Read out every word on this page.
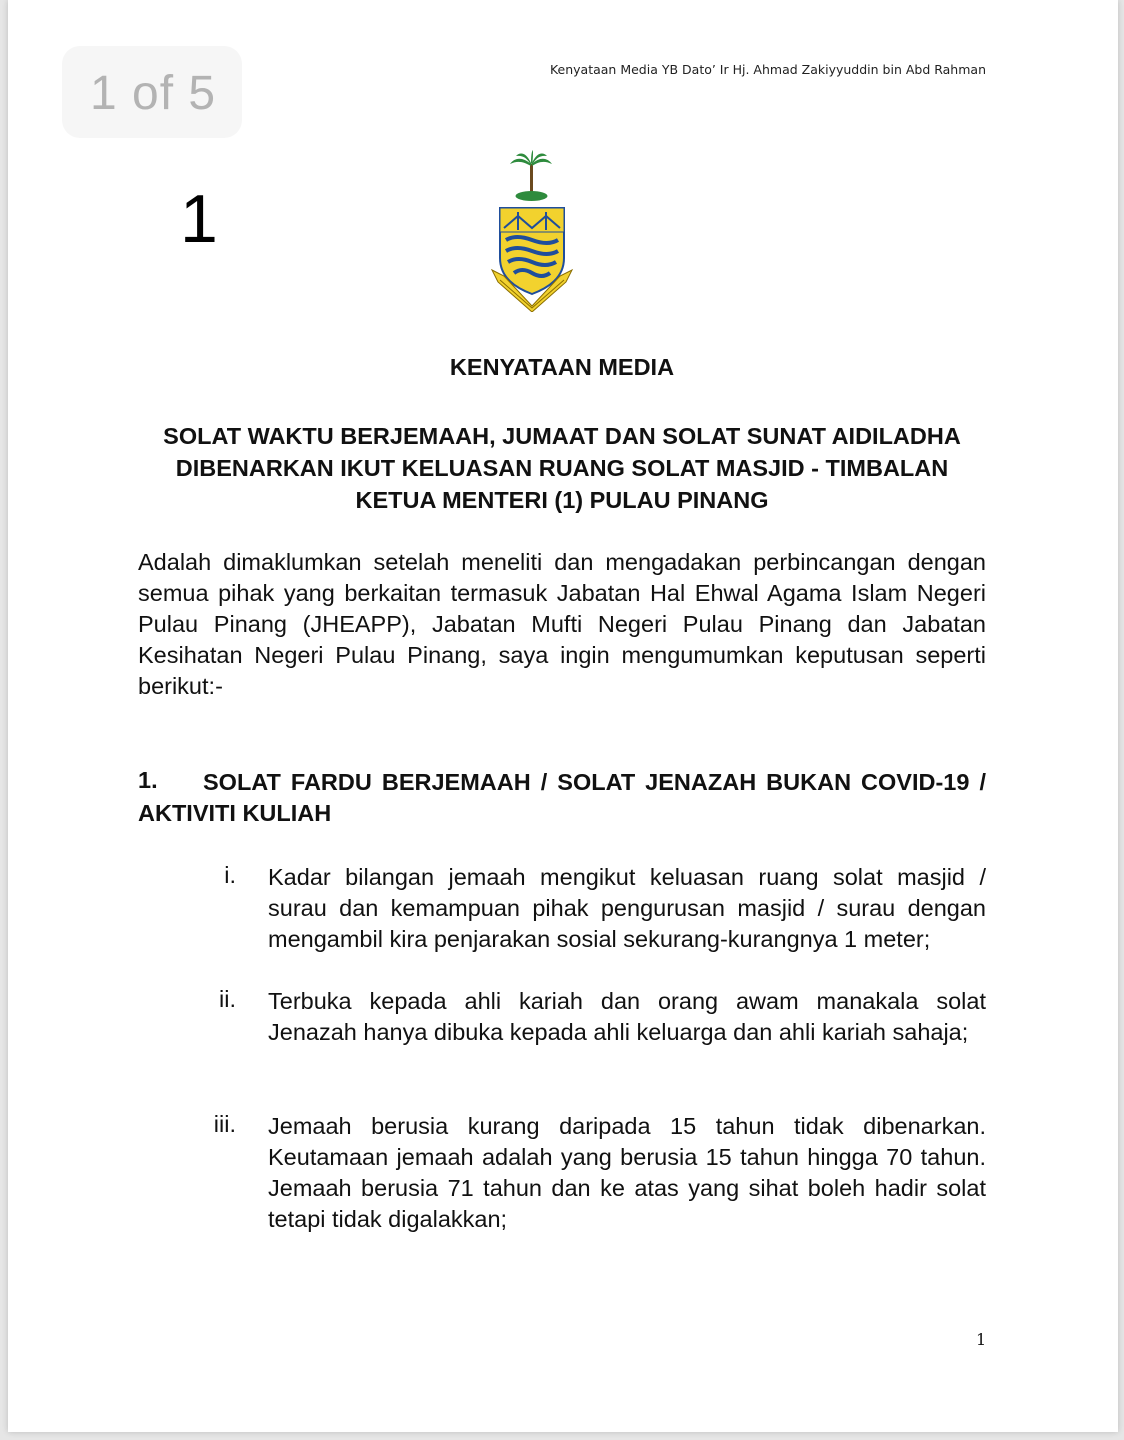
1 of 5
1
Kenyataan Media YB Dato’ Ir Hj. Ahmad Zakiyyuddin bin Abd Rahman
KENYATAAN MEDIA
SOLAT WAKTU BERJEMAAH, JUMAAT DAN SOLAT SUNAT AIDILADHA DIBENARKAN IKUT KELUASAN RUANG SOLAT MASJID - TIMBALAN KETUA MENTERI (1) PULAU PINANG
Adalah dimaklumkan setelah meneliti dan mengadakan perbincangan dengan semua pihak yang berkaitan termasuk Jabatan Hal Ehwal Agama Islam Negeri Pulau Pinang (JHEAPP), Jabatan Mufti Negeri Pulau Pinang dan Jabatan Kesihatan Negeri Pulau Pinang, saya ingin mengumumkan keputusan seperti berikut:-
1.	SOLAT FARDU BERJEMAAH / SOLAT JENAZAH BUKAN COVID-19 / AKTIVITI KULIAH
i. Kadar bilangan jemaah mengikut keluasan ruang solat masjid / surau dan kemampuan pihak pengurusan masjid / surau dengan mengambil kira penjarakan sosial sekurang-kurangnya 1 meter;
ii. Terbuka kepada ahli kariah dan orang awam manakala solat Jenazah hanya dibuka kepada ahli keluarga dan ahli kariah sahaja;
iii. Jemaah berusia kurang daripada 15 tahun tidak dibenarkan. Keutamaan jemaah adalah yang berusia 15 tahun hingga 70 tahun. Jemaah berusia 71 tahun dan ke atas yang sihat boleh hadir solat tetapi tidak digalakkan;
1
